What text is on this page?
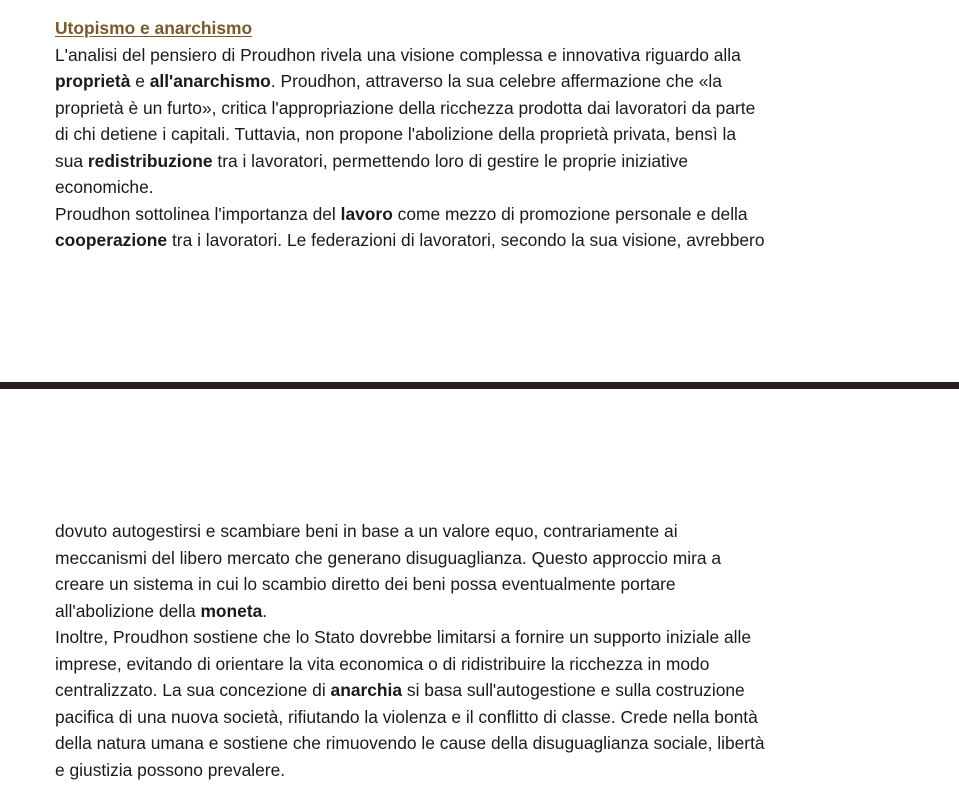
Utopismo e anarchismo
L'analisi del pensiero di Proudhon rivela una visione complessa e innovativa riguardo alla
proprietà e all'anarchismo. Proudhon, attraverso la sua celebre affermazione che «la
proprietà è un furto», critica l'appropriazione della ricchezza prodotta dai lavoratori da parte
di chi detiene i capitali. Tuttavia, non propone l'abolizione della proprietà privata, bensì la
sua redistribuzione tra i lavoratori, permettendo loro di gestire le proprie iniziative
economiche.
Proudhon sottolinea l'importanza del lavoro come mezzo di promozione personale e della
cooperazione tra i lavoratori. Le federazioni di lavoratori, secondo la sua visione, avrebbero
dovuto autogestirsi e scambiare beni in base a un valore equo, contrariamente ai
meccanismi del libero mercato che generano disuguaglianza. Questo approccio mira a
creare un sistema in cui lo scambio diretto dei beni possa eventualmente portare
all'abolizione della moneta.
Inoltre, Proudhon sostiene che lo Stato dovrebbe limitarsi a fornire un supporto iniziale alle
imprese, evitando di orientare la vita economica o di ridistribuire la ricchezza in modo
centralizzato. La sua concezione di anarchia si basa sull'autogestione e sulla costruzione
pacifica di una nuova società, rifiutando la violenza e il conflitto di classe. Crede nella bontà
della natura umana e sostiene che rimuovendo le cause della disuguaglianza sociale, libertà
e giustizia possono prevalere.
